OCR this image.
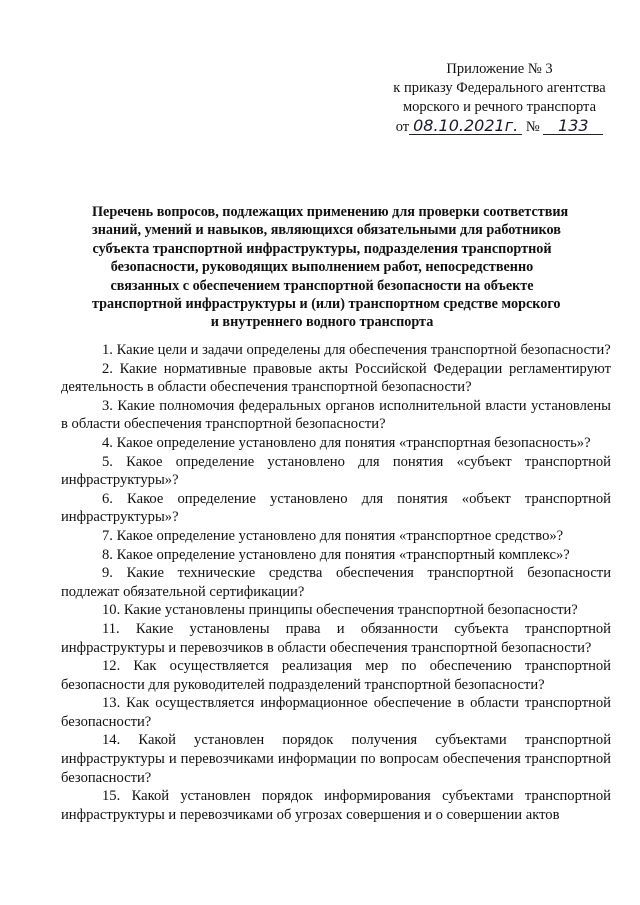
Приложение № 3
к приказу Федерального агентства
морского и речного транспорта
от 08.10.2021г. № 133
Перечень вопросов, подлежащих применению для проверки соответствия
знаний, умений и навыков, являющихся обязательными для работников
субъекта транспортной инфраструктуры, подразделения транспортной
безопасности, руководящих выполнением работ, непосредственно
связанных с обеспечением транспортной безопасности на объекте
транспортной инфраструктуры и (или) транспортном средстве морского
и внутреннего водного транспорта

1. Какие цели и задачи определены для обеспечения транспортной безопасности?

2. Какие нормативные правовые акты Российской Федерации регламентируют деятельность в области обеспечения транспортной безопасности?

3. Какие полномочия федеральных органов исполнительной власти установлены в области обеспечения транспортной безопасности?

4. Какое определение установлено для понятия «транспортная безопасность»?

5. Какое определение установлено для понятия «субъект транспортной инфраструктуры»?

6. Какое определение установлено для понятия «объект транспортной инфраструктуры»?

7. Какое определение установлено для понятия «транспортное средство»?

8. Какое определение установлено для понятия «транспортный комплекс»?

9. Какие технические средства обеспечения транспортной безопасности подлежат обязательной сертификации?

10. Какие установлены принципы обеспечения транспортной безопасности?

11. Какие установлены права и обязанности субъекта транспортной инфраструктуры и перевозчиков в области обеспечения транспортной безопасности?

12. Как осуществляется реализация мер по обеспечению транспортной безопасности для руководителей подразделений транспортной безопасности?

13. Как осуществляется информационное обеспечение в области транспортной безопасности?

14. Какой установлен порядок получения субъектами транспортной инфраструктуры и перевозчиками информации по вопросам обеспечения транспортной безопасности?

15. Какой установлен порядок информирования субъектами транспортной инфраструктуры и перевозчиками об угрозах совершения и о совершении актов
